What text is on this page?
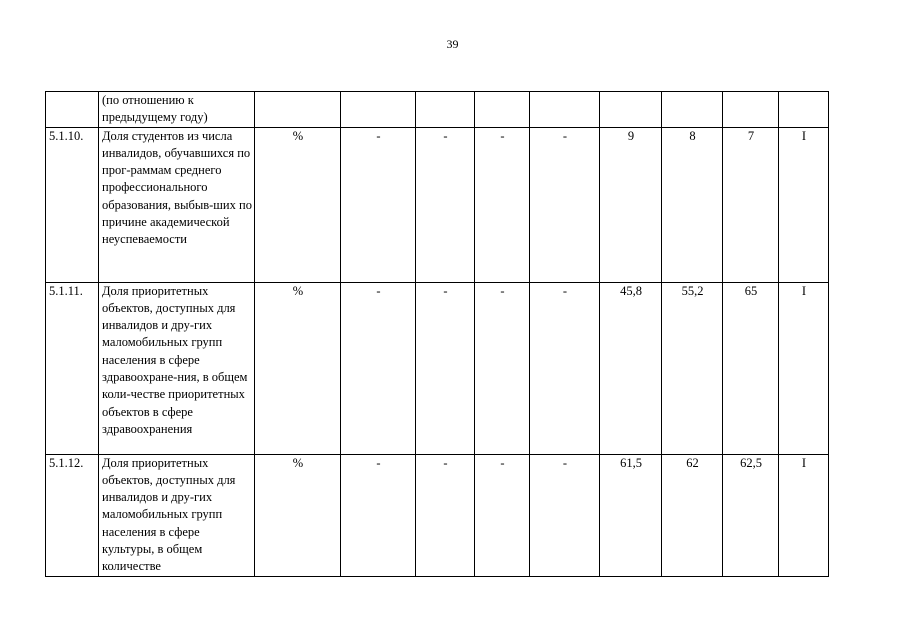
39
	(по отношению к предыдущему году)									
5.1.10.	Доля студентов из числа инвалидов, обучавшихся по прог-раммам среднего профессионального образования, выбыв-ших по причине академической неуспеваемости	%	-	-	-	-	9	8	7	I
5.1.11.	Доля приоритетных объектов, доступных для инвалидов и дру-гих маломобильных групп населения в сфере здравоохране-ния, в общем коли-честве приоритетных объектов в сфере здравоохранения	%	-	-	-	-	45,8	55,2	65	I
5.1.12.	Доля приоритетных объектов, доступных для инвалидов и дру-гих маломобильных групп населения в сфере культуры, в общем количестве	%	-	-	-	-	61,5	62	62,5	I
